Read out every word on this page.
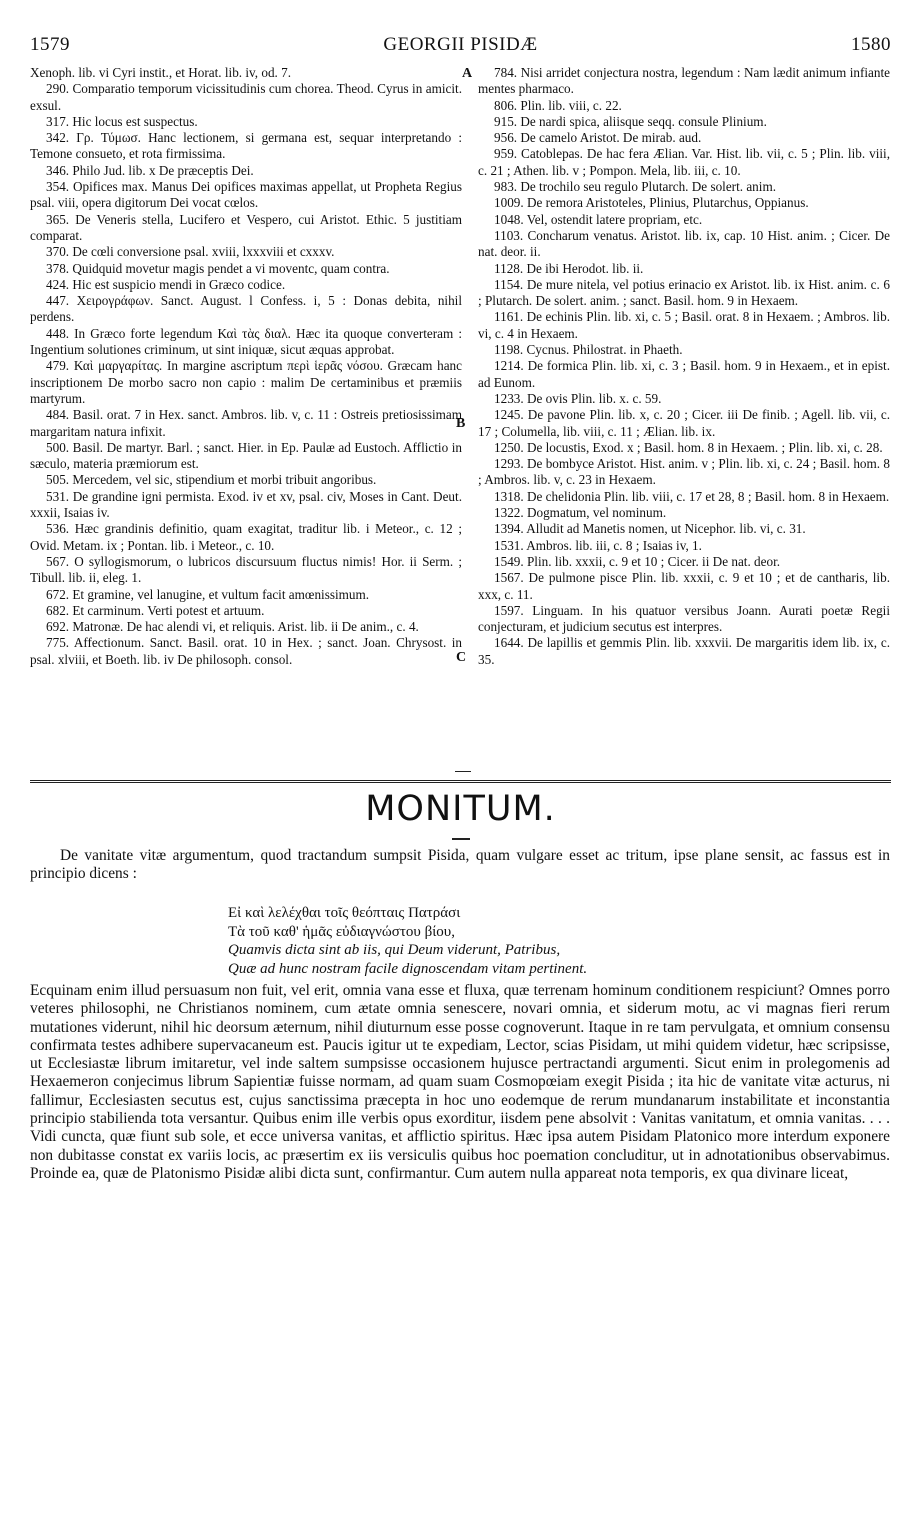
1579	GEORGII PISIDÆ	1580

Xenoph. lib. vi Cyri instit., et Horat. lib. iv, od. 7.

290. Comparatio temporum vicissitudinis cum chorea. Theod. Cyrus in amicit. exsul.

317. Hic locus est suspectus.

342. Γρ. Τύμωσ. Hanc lectionem, si germana est, sequar interpretando : Temone consueto, et rota firmissima.

346. Philo Jud. lib. x De præceptis Dei.

354. Opifices max. Manus Dei opifices maximas appellat, ut Propheta Regius psal. viii, opera digitorum Dei vocat cœlos.

365. De Veneris stella, Lucifero et Vespero, cui Aristot. Ethic. 5 justitiam comparat.

370. De cœli conversione psal. xviii, lxxxviii et cxxxv.

378. Quidquid movetur magis pendet a vi moventc, quam contra.

424. Hic est suspicio mendi in Græco codice.

447. Χειρογράφων. Sanct. August. l Confess. i, 5 : Donas debita, nihil perdens.

448. In Græco forte legendum Καὶ τὰς διαλ. Hæc ita quoque converteram : Ingentium solutiones criminum, ut sint iniquæ, sicut æquas approbat.

479. Καὶ μαργαρίτας. In margine ascriptum περὶ ἱερᾶς νόσου. Græcam hanc inscriptionem De morbo sacro non capio : malim De certaminibus et præmiis martyrum.

484. Basil. orat. 7 in Hex. sanct. Ambros. lib. v, c. 11 : Ostreis pretiosissimam margaritam natura infixit.

500. Basil. De martyr. Barl. ; sanct. Hier. in Ep. Paulæ ad Eustoch. Afflictio in sæculo, materia præmiorum est.

505. Mercedem, vel sic, stipendium et morbi tribuit angoribus.

531. De grandine igni permista. Exod. iv et xv, psal. civ, Moses in Cant. Deut. xxxii, Isaias iv.

536. Hæc grandinis definitio, quam exagitat, traditur lib. i Meteor., c. 12 ; Ovid. Metam. ix ; Pontan. lib. i Meteor., c. 10.

567. O syllogismorum, o lubricos discursuum fluctus nimis! Hor. ii Serm. ; Tibull. lib. ii, eleg. 1.

672. Et gramine, vel lanugine, et vultum facit amœnissimum.

682. Et carminum. Verti potest et artuum.

692. Matronæ. De hac alendi vi, et reliquis. Arist. lib. ii De anim., c. 4.

775. Affectionum. Sanct. Basil. orat. 10 in Hex. ; sanct. Joan. Chrysost. in psal. xlviii, et Boeth. lib. iv De philosoph. consol.

784. Nisi arridet conjectura nostra, legendum : Nam lædit animum infiante mentes pharmaco.

806. Plin. lib. viii, c. 22.

915. De nardi spica, aliisque seqq. consule Plinium.

956. De camelo Aristot. De mirab. aud.

959. Catoblepas. De hac fera Ælian. Var. Hist. lib. vii, c. 5 ; Plin. lib. viii, c. 21 ; Athen. lib. v ; Pompon. Mela, lib. iii, c. 10.

983. De trochilo seu regulo Plutarch. De solert. anim.

1009. De remora Aristoteles, Plinius, Plutarchus, Oppianus.

1048. Vel, ostendit latere propriam, etc.

1103. Concharum venatus. Aristot. lib. ix, cap. 10 Hist. anim. ; Cicer. De nat. deor. ii.

1128. De ibi Herodot. lib. ii.

1154. De mure nitela, vel potius erinacio ex Aristot. lib. ix Hist. anim. c. 6 ; Plutarch. De solert. anim. ; sanct. Basil. hom. 9 in Hexaem.

1161. De echinis Plin. lib. xi, c. 5 ; Basil. orat. 8 in Hexaem. ; Ambros. lib. vi, c. 4 in Hexaem.

1198. Cycnus. Philostrat. in Phaeth.

1214. De formica Plin. lib. xi, c. 3 ; Basil. hom. 9 in Hexaem., et in epist. ad Eunom.

1233. De ovis Plin. lib. x. c. 59.

1245. De pavone Plin. lib. x, c. 20 ; Cicer. iii De finib. ; Agell. lib. vii, c. 17 ; Columella, lib. viii, c. 11 ; Ælian. lib. ix.

1250. De locustis, Exod. x ; Basil. hom. 8 in Hexaem. ; Plin. lib. xi, c. 28.

1293. De bombyce Aristot. Hist. anim. v ; Plin. lib. xi, c. 24 ; Basil. hom. 8 ; Ambros. lib. v, c. 23 in Hexaem.

1318. De chelidonia Plin. lib. viii, c. 17 et 28, 8 ; Basil. hom. 8 in Hexaem.

1322. Dogmatum, vel nominum.

1394. Alludit ad Manetis nomen, ut Nicephor. lib. vi, c. 31.

1531. Ambros. lib. iii, c. 8 ; Isaias iv, 1.

1549. Plin. lib. xxxii, c. 9 et 10 ; Cicer. ii De nat. deor.

1567. De pulmone pisce Plin. lib. xxxii, c. 9 et 10 ; et de cantharis, lib. xxx, c. 11.

1597. Linguam. In his quatuor versibus Joann. Aurati poetæ Regii conjecturam, et judicium secutus est interpres.

1644. De lapillis et gemmis Plin. lib. xxxvii. De margaritis idem lib. ix, c. 35.

A
B
C
MONITUM.

De vanitate vitæ argumentum, quod tractandum sumpsit Pisida, quam vulgare esset ac tritum, ipse plane sensit, ac fassus est in principio dicens :

Εἰ καὶ λελέχθαι τοῖς θεόπταις Πατράσι
Τὰ τοῦ καθ' ἡμᾶς εὐδιαγνώστου βίου,
Quamvis dicta sint ab iis, qui Deum viderunt, Patribus,
Quæ ad hunc nostram facile dignoscendam vitam pertinent.

Ecquinam enim illud persuasum non fuit, vel erit, omnia vana esse et fluxa, quæ terrenam hominum conditionem respiciunt? Omnes porro veteres philosophi, ne Christianos nominem, cum ætate omnia senescere, novari omnia, et siderum motu, ac vi magnas fieri rerum mutationes viderunt, nihil hic deorsum æternum, nihil diuturnum esse posse cognoverunt. Itaque in re tam pervulgata, et omnium consensu confirmata testes adhibere supervacaneum est. Paucis igitur ut te expediam, Lector, scias Pisidam, ut mihi quidem videtur, hæc scripsisse, ut Ecclesiastæ librum imitaretur, vel inde saltem sumpsisse occasionem hujusce pertractandi argumenti. Sicut enim in prolegomenis ad Hexaemeron conjecimus librum Sapientiæ fuisse normam, ad quam suam Cosmopœiam exegit Pisida ; ita hic de vanitate vitæ acturus, ni fallimur, Ecclesiasten secutus est, cujus sanctissima præcepta in hoc uno eodemque de rerum mundanarum instabilitate et inconstantia principio stabilienda tota versantur. Quibus enim ille verbis opus exorditur, iisdem pene absolvit : Vanitas vanitatum, et omnia vanitas. . . . Vidi cuncta, quæ fiunt sub sole, et ecce universa vanitas, et afflictio spiritus. Hæc ipsa autem Pisidam Platonico more interdum exponere non dubitasse constat ex variis locis, ac præsertim ex iis versiculis quibus hoc poemation concluditur, ut in adnotationibus observabimus. Proinde ea, quæ de Platonismo Pisidæ alibi dicta sunt, confirmantur. Cum autem nulla appareat nota temporis, ex qua divinare liceat,
